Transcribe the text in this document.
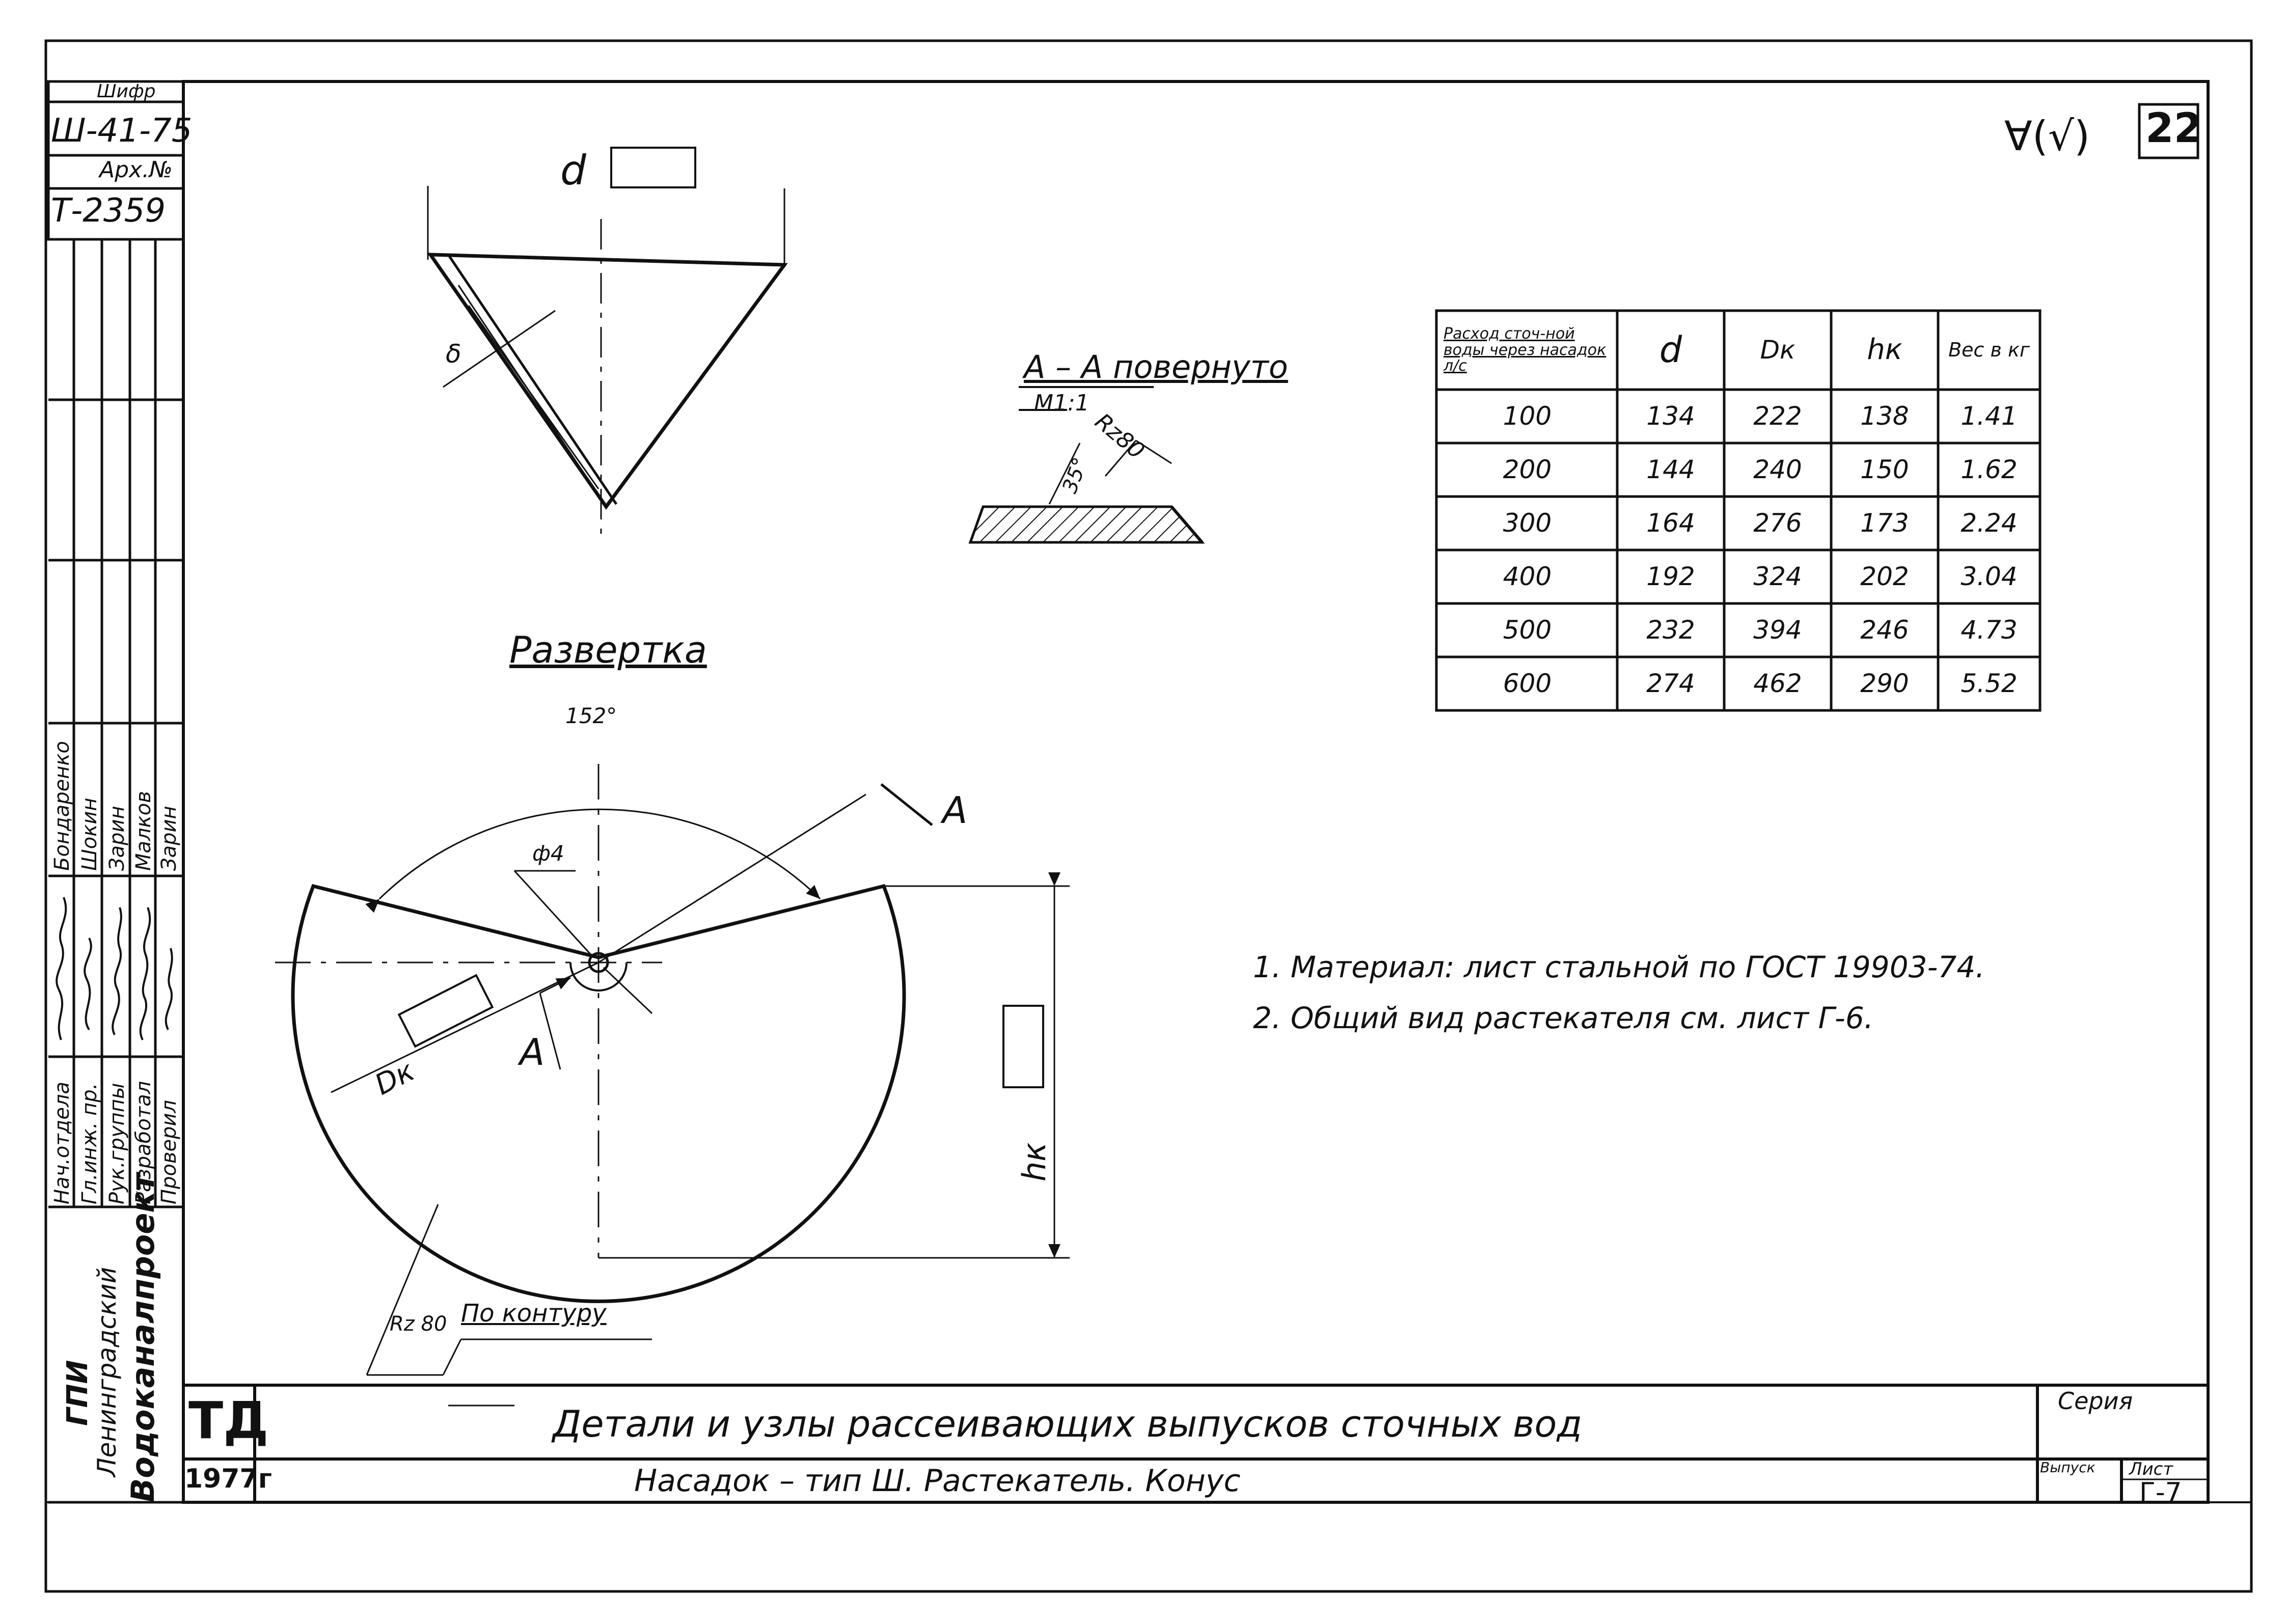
Шифр
Ш-41-75
Арх.№
Т-2359
Бондаренко Шокин Зарин Малков Зарин
Нач.отдела Гл.инж. пр. Рук.группы Разработал Проверил
ГПИ
Ленинградский Водоканалпроект
22
∀(√)
d
δ	А – А повернуто
М1:1
Rz80
35°
Развертка
152°
ф4
А
А
Dк
hк
Rz 80 По контуру
Расход сточ-ной воды через насадок л/с	d	Dк	hк	Вес в кг
100	134	222	138	1.41
200	144	240	150	1.62
300	164	276	173	2.24
400	192	324	202	3.04
500	232	394	246	4.73
600	274	462	290	5.52
1. Материал: лист стальной по ГОСТ 19903-74.
2. Общий вид растекателя см. лист Г-6.
ТД
1977г
Детали и узлы рассеивающих выпусков сточных вод
Насадок – тип Ш. Растекатель. Конус
Серия
Выпуск Лист
Г-7
